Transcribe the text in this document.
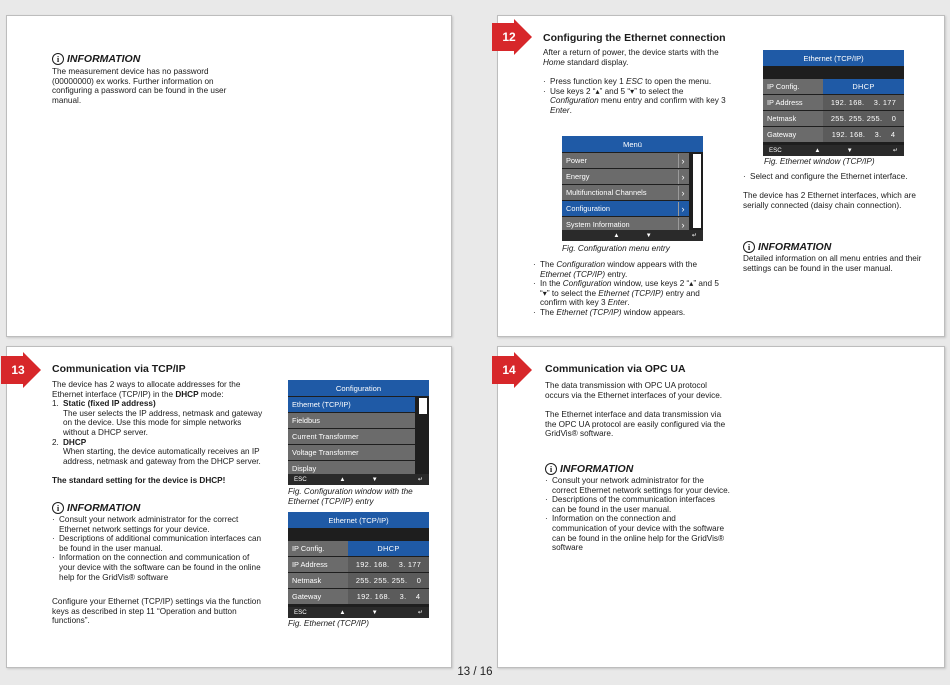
i INFORMATION
The measurement device has no password (00000000) ex works. Further information on configuring a password can be found in the user manual.
12	Configuring the Ethernet connection
After a return of power, the device starts with the Home standard display.
· Press function key 1 ESC to open the menu.
· Use keys 2 “▴” and 5 “▾” to select the Configuration menu entry and confirm with key 3 Enter.
Menü
Power	›
Energy	›
Multifunctional Channels	›
Configuration	›
System Information	›
▲	▼	↵
Fig. Configuration menu entry
· The Configuration window appears with the Ethernet (TCP/IP) entry.
· In the Configuration window, use keys 2 “▴” and 5 “▾” to select the Ethernet (TCP/IP) entry and confirm with key 3 Enter.
· The Ethernet (TCP/IP) window appears.
Ethernet (TCP/IP)
IP Config.	DHCP
IP Address	192. 168.    3. 177
Netmask	255. 255. 255.    0
Gateway	192. 168.    3.    4
ESC	▲	▼	↵
Fig. Ethernet window (TCP/IP)
· Select and configure the Ethernet interface.
The device has 2 Ethernet interfaces, which are serially connected (daisy chain connection).
i INFORMATION
Detailed information on all menu entries and their settings can be found in the user manual.
13	Communication via TCP/IP
The device has 2 ways to allocate addresses for the Ethernet interface (TCP/IP) in the DHCP mode:
1. Static (fixed IP address)
The user selects the IP address, netmask and gateway on the device. Use this mode for simple networks without a DHCP server.
2. DHCP
When starting, the device automatically receives an IP address, netmask and gateway from the DHCP server.
The standard setting for the device is DHCP!
i INFORMATION
· Consult your network administrator for the correct Ethernet network settings for your device.
· Descriptions of additional communication interfaces can be found in the user manual.
· Information on the connection and communication of your device with the software can be found in the online help for the GridVis® software
Configure your Ethernet (TCP/IP) settings via the function keys as described in step 11 “Operation and button functions”.
Configuration
Ethernet (TCP/IP)
Fieldbus
Current Transformer
Voltage Transformer
Display
ESC	▲	▼	↵
Fig. Configuration window with the Ethernet (TCP/IP) entry
Ethernet (TCP/IP)
IP Config.	DHCP
IP Address	192. 168.    3. 177
Netmask	255. 255. 255.    0
Gateway	192. 168.    3.    4
ESC	▲	▼	↵
Fig. Ethernet (TCP/IP)
14	Communication via OPC UA
The data transmission with OPC UA protocol occurs via the Ethernet interfaces of your device.
The Ethernet interface and data transmission via the OPC UA protocol are easily configured via the GridVis® software.
i INFORMATION
· Consult your network administrator for the correct Ethernet network settings for your device.
· Descriptions of the communication interfaces can be found in the user manual.
· Information on the connection and communication of your device with the software can be found in the online help for the GridVis® software
13 / 16
